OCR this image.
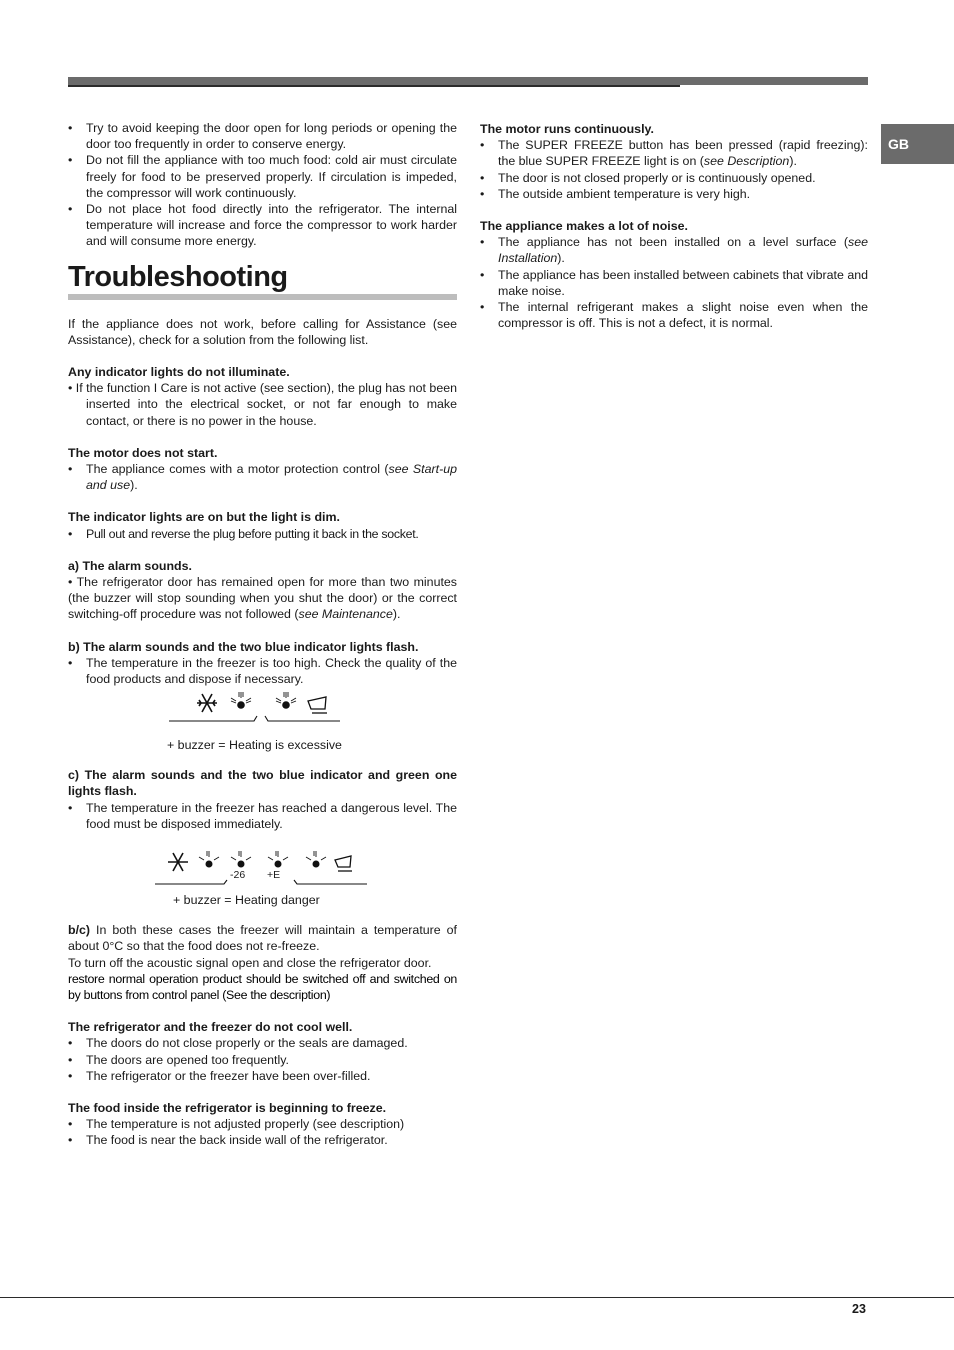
GB
• Try to avoid keeping the door open for long periods or opening the door too frequently in order to conserve energy.
• Do not fill the appliance with too much food: cold air must circulate freely for food to be preserved properly. If circulation is impeded, the compressor will work continuously.
• Do not place hot food directly into the refrigerator. The internal temperature will increase and force the compressor to work harder and will consume more energy.
Troubleshooting

If the appliance does not work, before calling for Assistance (see Assistance), check for a solution from the following list.

Any indicator lights do not illuminate.

• If the function I Care is not active (see section), the plug has not been inserted into the electrical socket, or not far enough to make contact, or there is no power in the house.

The motor does not start.

• The appliance comes with a motor protection control (see Start-up and use).

The indicator lights are on but the light is dim.

• Pull out and reverse the plug before putting it back in the socket.

a) The alarm sounds.

• The refrigerator door has remained open for more than two minutes (the buzzer will stop sounding when you shut the door) or the correct switching-off procedure was not followed (see Maintenance).

b) The alarm sounds and the two blue indicator lights flash.

• The temperature in the freezer is too high. Check the quality of the food products and dispose if necessary.
+ buzzer = Heating is excessive

c) The alarm sounds and the two blue indicator and green one lights flash.

• The temperature in the freezer has reached a dangerous level. The food must be disposed immediately.
-26 +E
+ buzzer = Heating danger

b/c) In both these cases the freezer will maintain a temperature of about 0°C so that the food does not re-freeze.

To turn off the acoustic signal open and close the refrigerator door.

restore normal operation product should be switched off and switched on by buttons from control panel (See the description)

The refrigerator and the freezer do not cool well.

• The doors do not close properly or the seals are damaged.
• The doors are opened too frequently.
• The refrigerator or the freezer have been over-filled.

The food inside the refrigerator is beginning to freeze.

• The temperature is not adjusted properly (see description)
• The food is near the back inside wall of the refrigerator.

The motor runs continuously.

• The SUPER FREEZE button has been pressed (rapid freezing): the blue SUPER FREEZE light is on (see Description).
• The door is not closed properly or is continuously opened.
• The outside ambient temperature is very high.

The appliance makes a lot of noise.

• The appliance has not been installed on a level surface (see Installation).
• The appliance has been installed between cabinets that vibrate and make noise.
• The internal refrigerant makes a slight noise even when the compressor is off. This is not a defect, it is normal.
23
